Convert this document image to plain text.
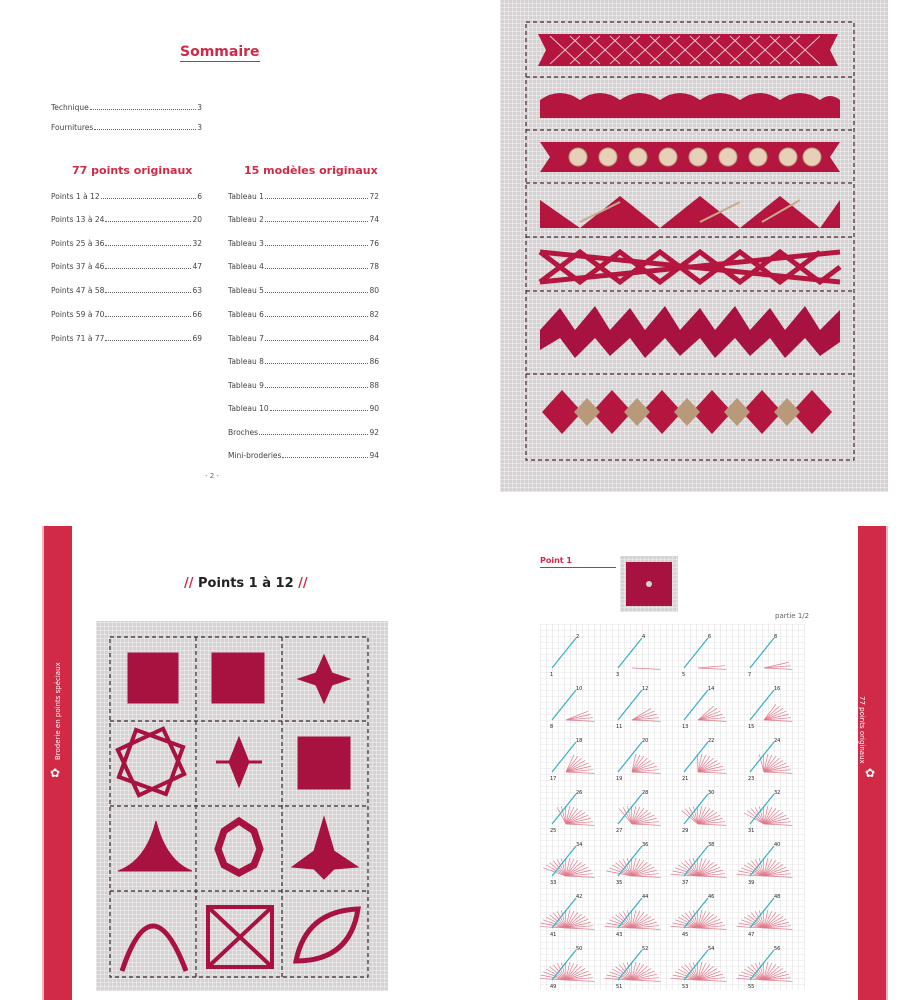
Sommaire
Technique	3
Fournitures	3
77 points originaux	15 modèles originaux
Points 1 à 12	6
Points 13 à 24	20
Points 25 à 36	32
Points 37 à 46	47
Points 47 à 58	63
Points 59 à 70	66
Points 71 à 77	69
Tableau 1	72
Tableau 2	74
Tableau 3	76
Tableau 4	78
Tableau 5	80
Tableau 6	82
Tableau 7	84
Tableau 8	86
Tableau 9	88
Tableau 10	90
Broches	92
Mini-broderies	94
- 2 -
Broderie en points spéciaux
✿
77 points originaux
✿
// Points 1 à 12 //
Point 1
partie 1/2
1
2
3
4
5
6
7
8
8
10
11
12
13
14
15
16
17
18
19
20
21
22
23
24
25
26
27
28
29
30
31
32
33
34
35
36
37
38
39
40
41
42
43
44
45
46
47
48
49
50
51
52
53
54
55
56
